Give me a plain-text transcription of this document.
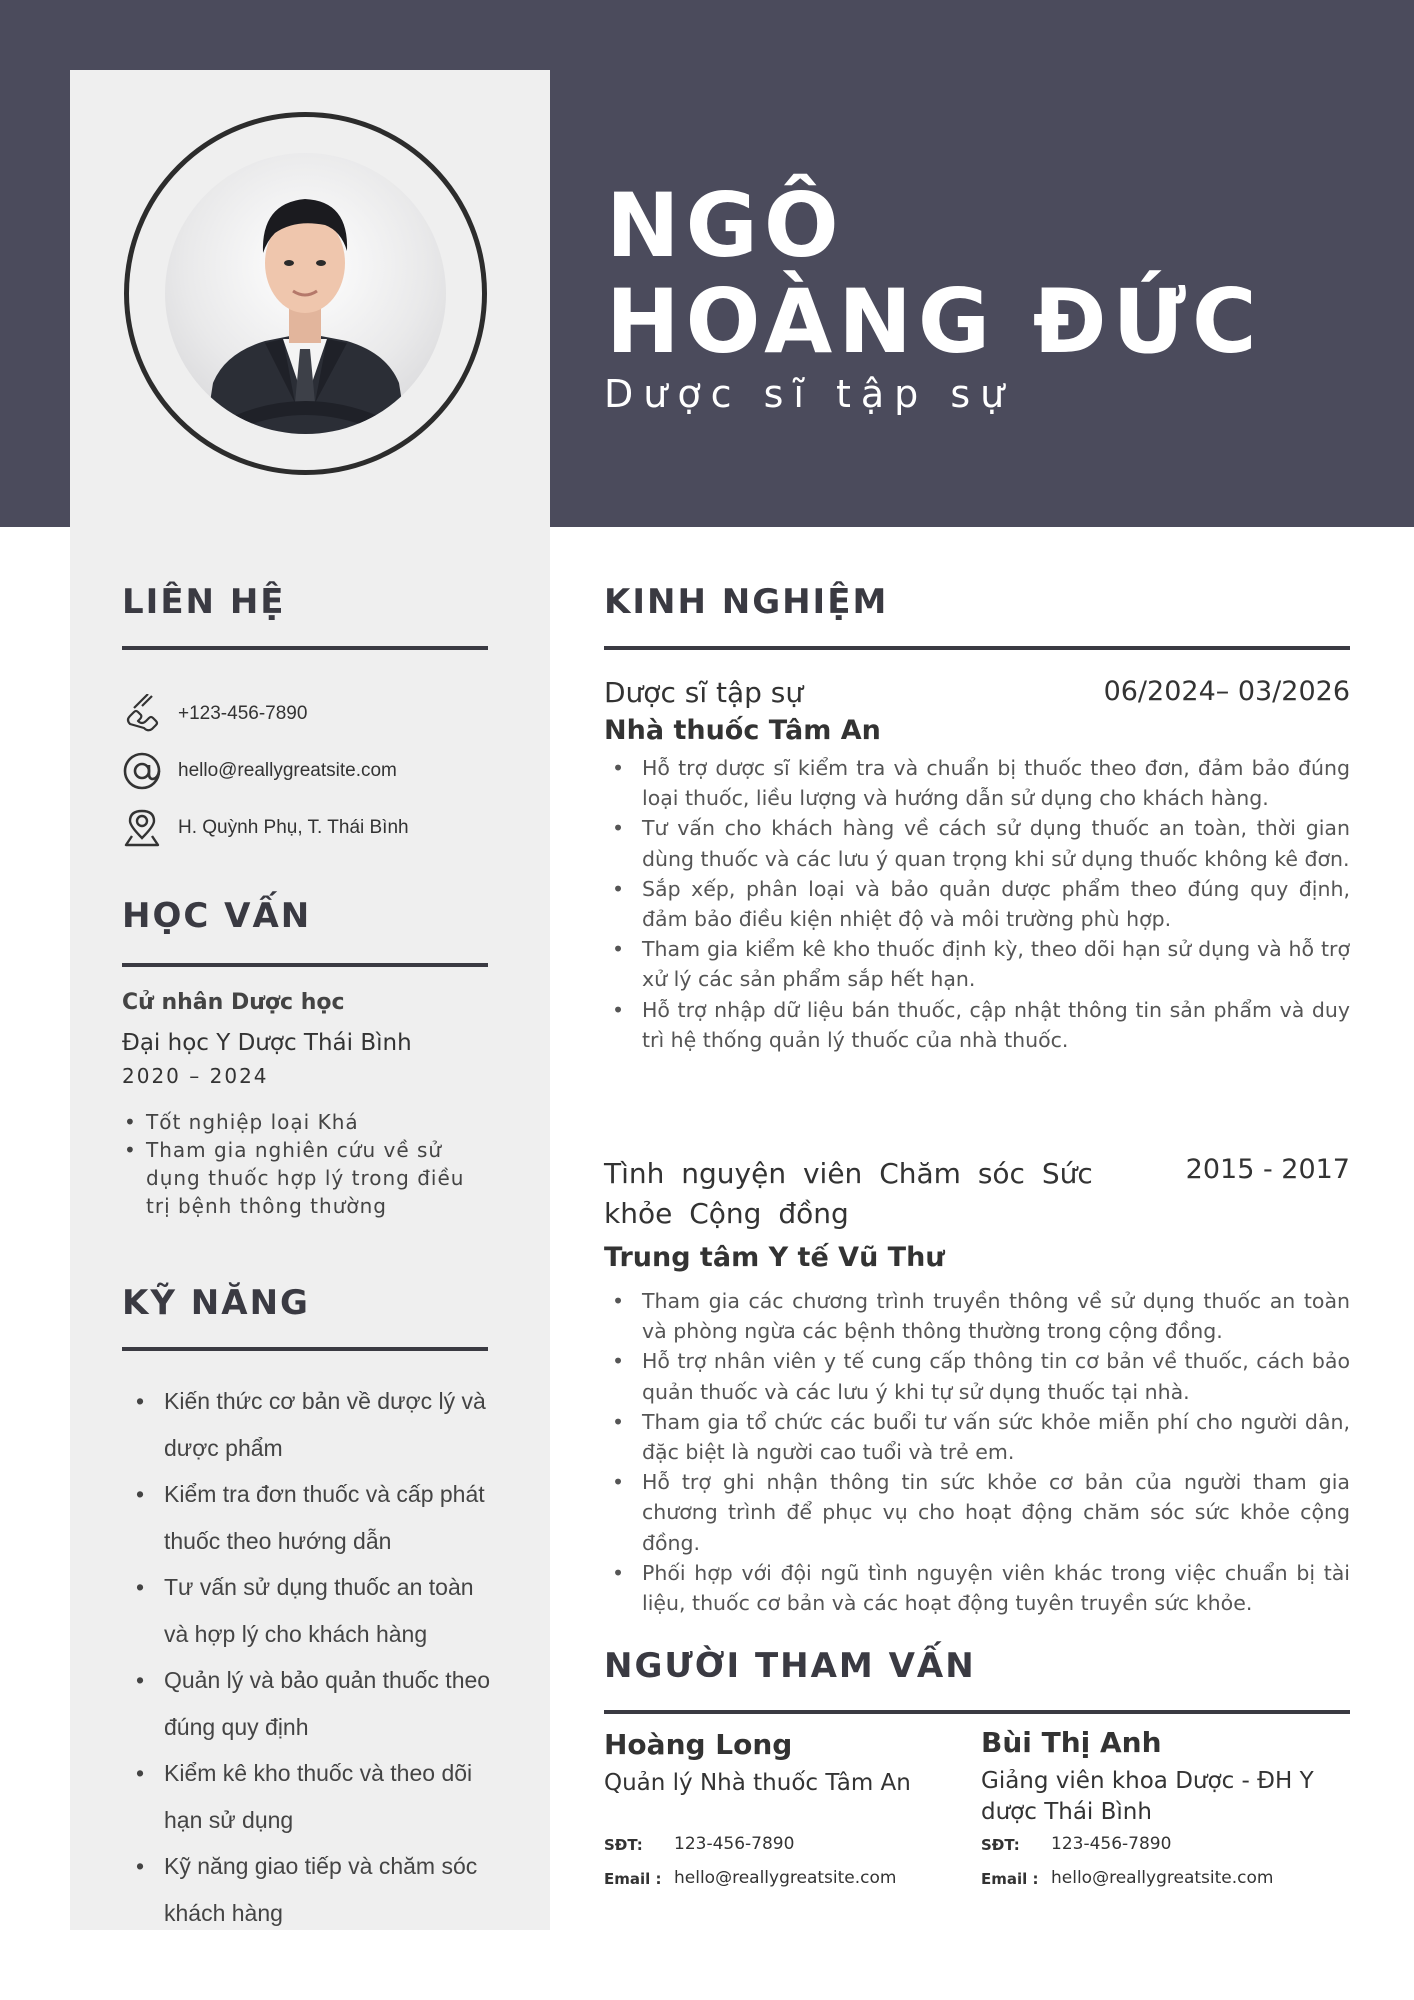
NGÔ
HOÀNG ĐỨC
Dược sĩ tập sự
LIÊN HỆ
+123-456-7890
hello@reallygreatsite.com
H. Quỳnh Phụ, T. Thái Bình
HỌC VẤN
Cử nhân Dược học
Đại học Y Dược Thái Bình
2020 – 2024
• Tốt nghiệp loại Khá
• Tham gia nghiên cứu về sử dụng thuốc hợp lý trong điều trị bệnh thông thường
KỸ NĂNG
• Kiến thức cơ bản về dược lý và dược phẩm
• Kiểm tra đơn thuốc và cấp phát thuốc theo hướng dẫn
• Tư vấn sử dụng thuốc an toàn và hợp lý cho khách hàng
• Quản lý và bảo quản thuốc theo đúng quy định
• Kiểm kê kho thuốc và theo dõi hạn sử dụng
• Kỹ năng giao tiếp và chăm sóc khách hàng
KINH NGHIỆM
Dược sĩ tập sự	06/2024– 03/2026
Nhà thuốc Tâm An
• Hỗ trợ dược sĩ kiểm tra và chuẩn bị thuốc theo đơn, đảm bảo đúng loại thuốc, liều lượng và hướng dẫn sử dụng cho khách hàng.
• Tư vấn cho khách hàng về cách sử dụng thuốc an toàn, thời gian dùng thuốc và các lưu ý quan trọng khi sử dụng thuốc không kê đơn.
• Sắp xếp, phân loại và bảo quản dược phẩm theo đúng quy định, đảm bảo điều kiện nhiệt độ và môi trường phù hợp.
• Tham gia kiểm kê kho thuốc định kỳ, theo dõi hạn sử dụng và hỗ trợ xử lý các sản phẩm sắp hết hạn.
• Hỗ trợ nhập dữ liệu bán thuốc, cập nhật thông tin sản phẩm và duy trì hệ thống quản lý thuốc của nhà thuốc.
Tình nguyện viên Chăm sóc Sức khỏe Cộng đồng
2015 - 2017
Trung tâm Y tế Vũ Thư
• Tham gia các chương trình truyền thông về sử dụng thuốc an toàn và phòng ngừa các bệnh thông thường trong cộng đồng.
• Hỗ trợ nhân viên y tế cung cấp thông tin cơ bản về thuốc, cách bảo quản thuốc và các lưu ý khi tự sử dụng thuốc tại nhà.
• Tham gia tổ chức các buổi tư vấn sức khỏe miễn phí cho người dân, đặc biệt là người cao tuổi và trẻ em.
• Hỗ trợ ghi nhận thông tin sức khỏe cơ bản của người tham gia chương trình để phục vụ cho hoạt động chăm sóc sức khỏe cộng đồng.
• Phối hợp với đội ngũ tình nguyện viên khác trong việc chuẩn bị tài liệu, thuốc cơ bản và các hoạt động tuyên truyền sức khỏe.
NGƯỜI THAM VẤN
Hoàng Long
Quản lý Nhà thuốc Tâm An
SĐT:	123-456-7890
Email : hello@reallygreatsite.com
Bùi Thị Anh
Giảng viên khoa Dược - ĐH Y dược Thái Bình
SĐT:	123-456-7890
Email : hello@reallygreatsite.com
